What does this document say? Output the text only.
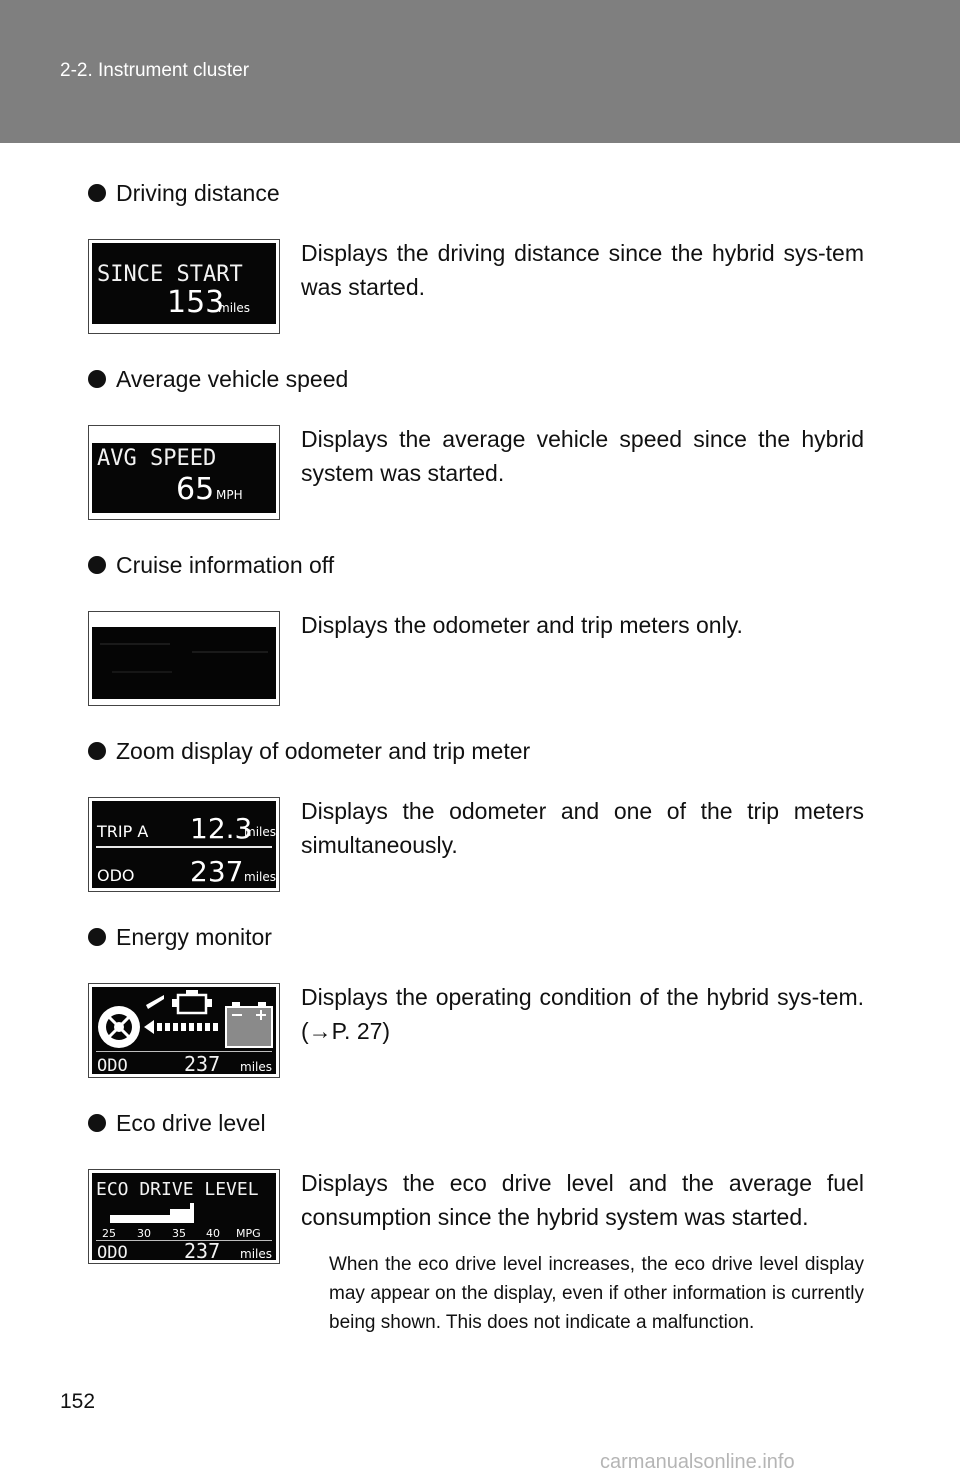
2-2. Instrument cluster
Driving distance
SINCE START
153
miles
Displays the driving distance since the hybrid sys-tem was started.
Average vehicle speed
AVG SPEED
65 MPH
Displays the average vehicle speed since the hybrid system was started.
Cruise information off
Displays the odometer and trip meters only.
Zoom display of odometer and trip meter
TRIP A 12.3
miles
ODO 237 miles
Displays the odometer and one of the trip meters simultaneously.
Energy monitor
ODO	237 miles
Displays the operating condition of the hybrid sys-tem. (→P. 27)
Eco drive level
ECO DRIVE LEVEL
25 30 35 40 MPG
ODO	237 miles
Displays the eco drive level and the average fuel consumption since the hybrid system was started.
When the eco drive level increases, the eco drive level display may appear on the display, even if other information is currently being shown. This does not indicate a malfunction.
152
carmanualsonline.info
